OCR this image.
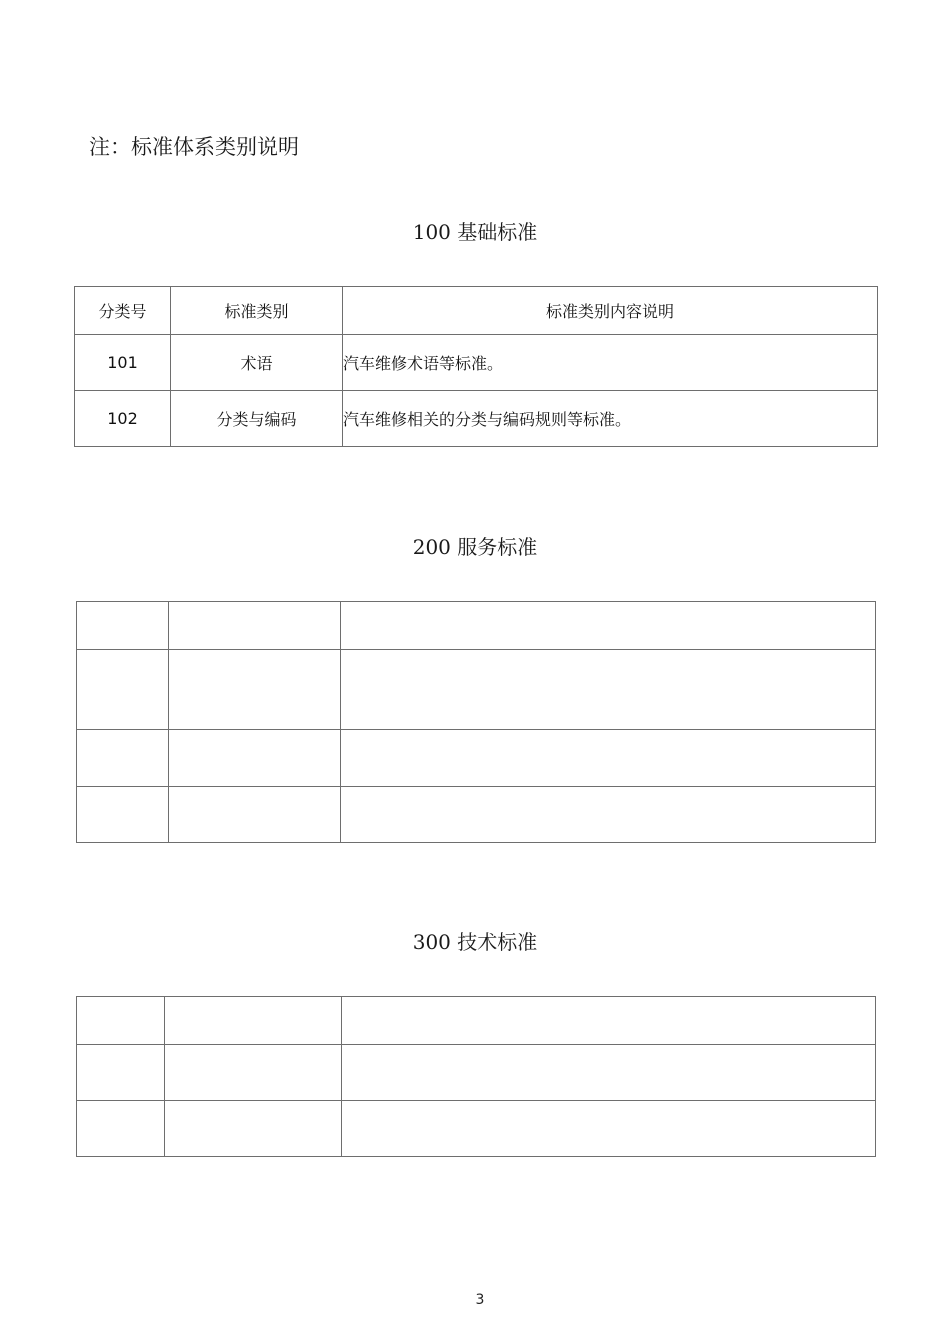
注：标准体系类别说明
100 基础标准
分类号	标准类别	标准类别内容说明
101	术语	汽车维修术语等标准。
102	分类与编码	汽车维修相关的分类与编码规则等标准。
200 服务标准

300 技术标准

3
